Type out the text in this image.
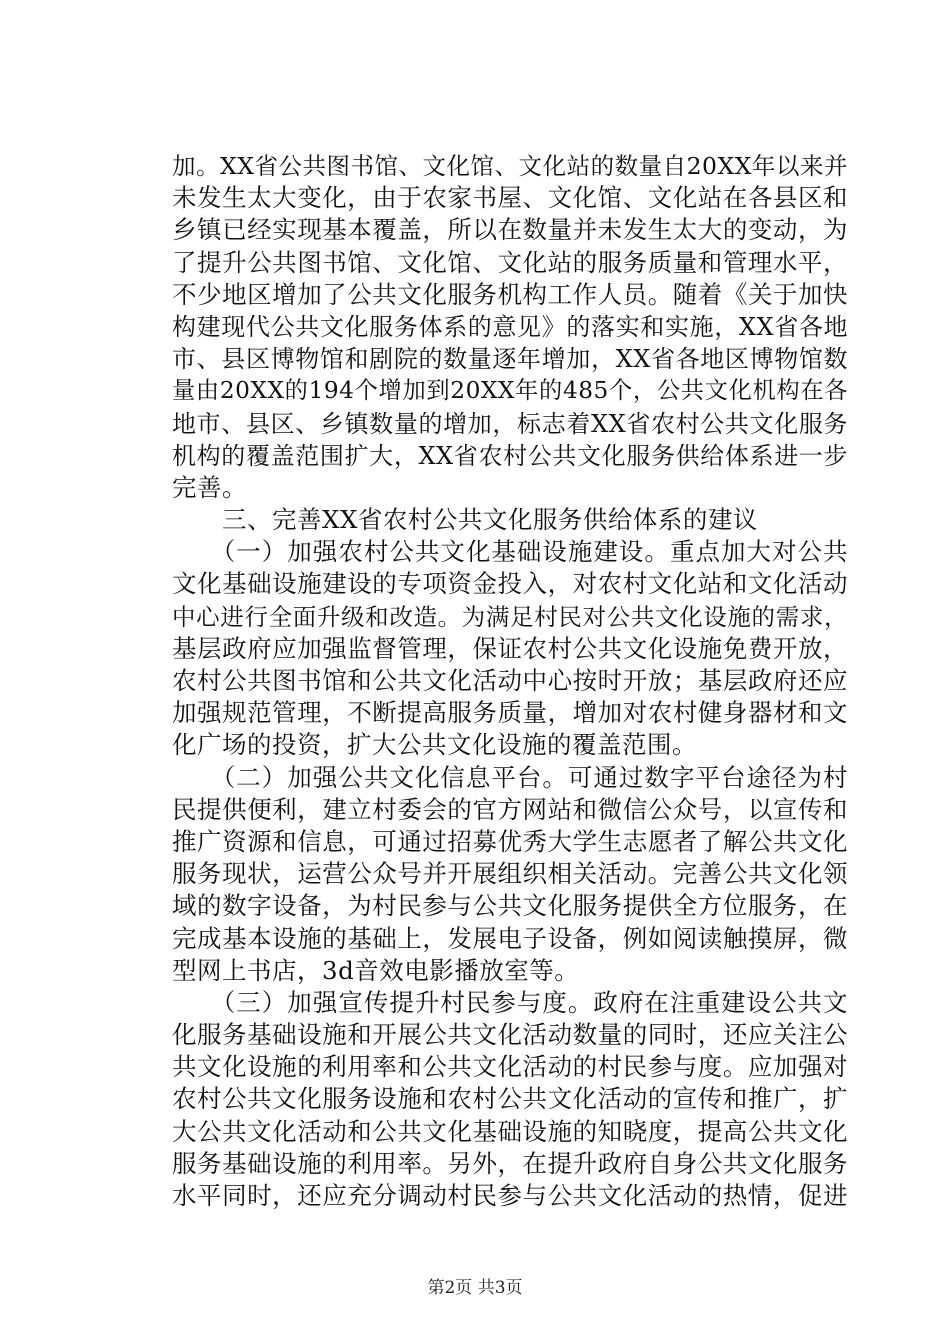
加。XX省公共图书馆、文化馆、文化站的数量自20XX年以来并
未发生太大变化，由于农家书屋、文化馆、文化站在各县区和
乡镇已经实现基本覆盖，所以在数量并未发生太大的变动，为
了提升公共图书馆、文化馆、文化站的服务质量和管理水平，
不少地区增加了公共文化服务机构工作人员。随着《关于加快
构建现代公共文化服务体系的意见》的落实和实施，XX省各地
市、县区博物馆和剧院的数量逐年增加，XX省各地区博物馆数
量由20XX的194个增加到20XX年的485个，公共文化机构在各
地市、县区、乡镇数量的增加，标志着XX省农村公共文化服务
机构的覆盖范围扩大，XX省农村公共文化服务供给体系进一步
完善。
　　三、完善XX省农村公共文化服务供给体系的建议
　　（一）加强农村公共文化基础设施建设。重点加大对公共
文化基础设施建设的专项资金投入，对农村文化站和文化活动
中心进行全面升级和改造。为满足村民对公共文化设施的需求，
基层政府应加强监督管理，保证农村公共文化设施免费开放，
农村公共图书馆和公共文化活动中心按时开放；基层政府还应
加强规范管理，不断提高服务质量，增加对农村健身器材和文
化广场的投资，扩大公共文化设施的覆盖范围。
　　（二）加强公共文化信息平台。可通过数字平台途径为村
民提供便利，建立村委会的官方网站和微信公众号，以宣传和
推广资源和信息，可通过招募优秀大学生志愿者了解公共文化
服务现状，运营公众号并开展组织相关活动。完善公共文化领
域的数字设备，为村民参与公共文化服务提供全方位服务，在
完成基本设施的基础上，发展电子设备，例如阅读触摸屏，微
型网上书店，3d音效电影播放室等。
　　（三）加强宣传提升村民参与度。政府在注重建设公共文
化服务基础设施和开展公共文化活动数量的同时，还应关注公
共文化设施的利用率和公共文化活动的村民参与度。应加强对
农村公共文化服务设施和农村公共文化活动的宣传和推广，扩
大公共文化活动和公共文化基础设施的知晓度，提高公共文化
服务基础设施的利用率。另外，在提升政府自身公共文化服务
水平同时，还应充分调动村民参与公共文化活动的热情，促进
第2页 共3页
